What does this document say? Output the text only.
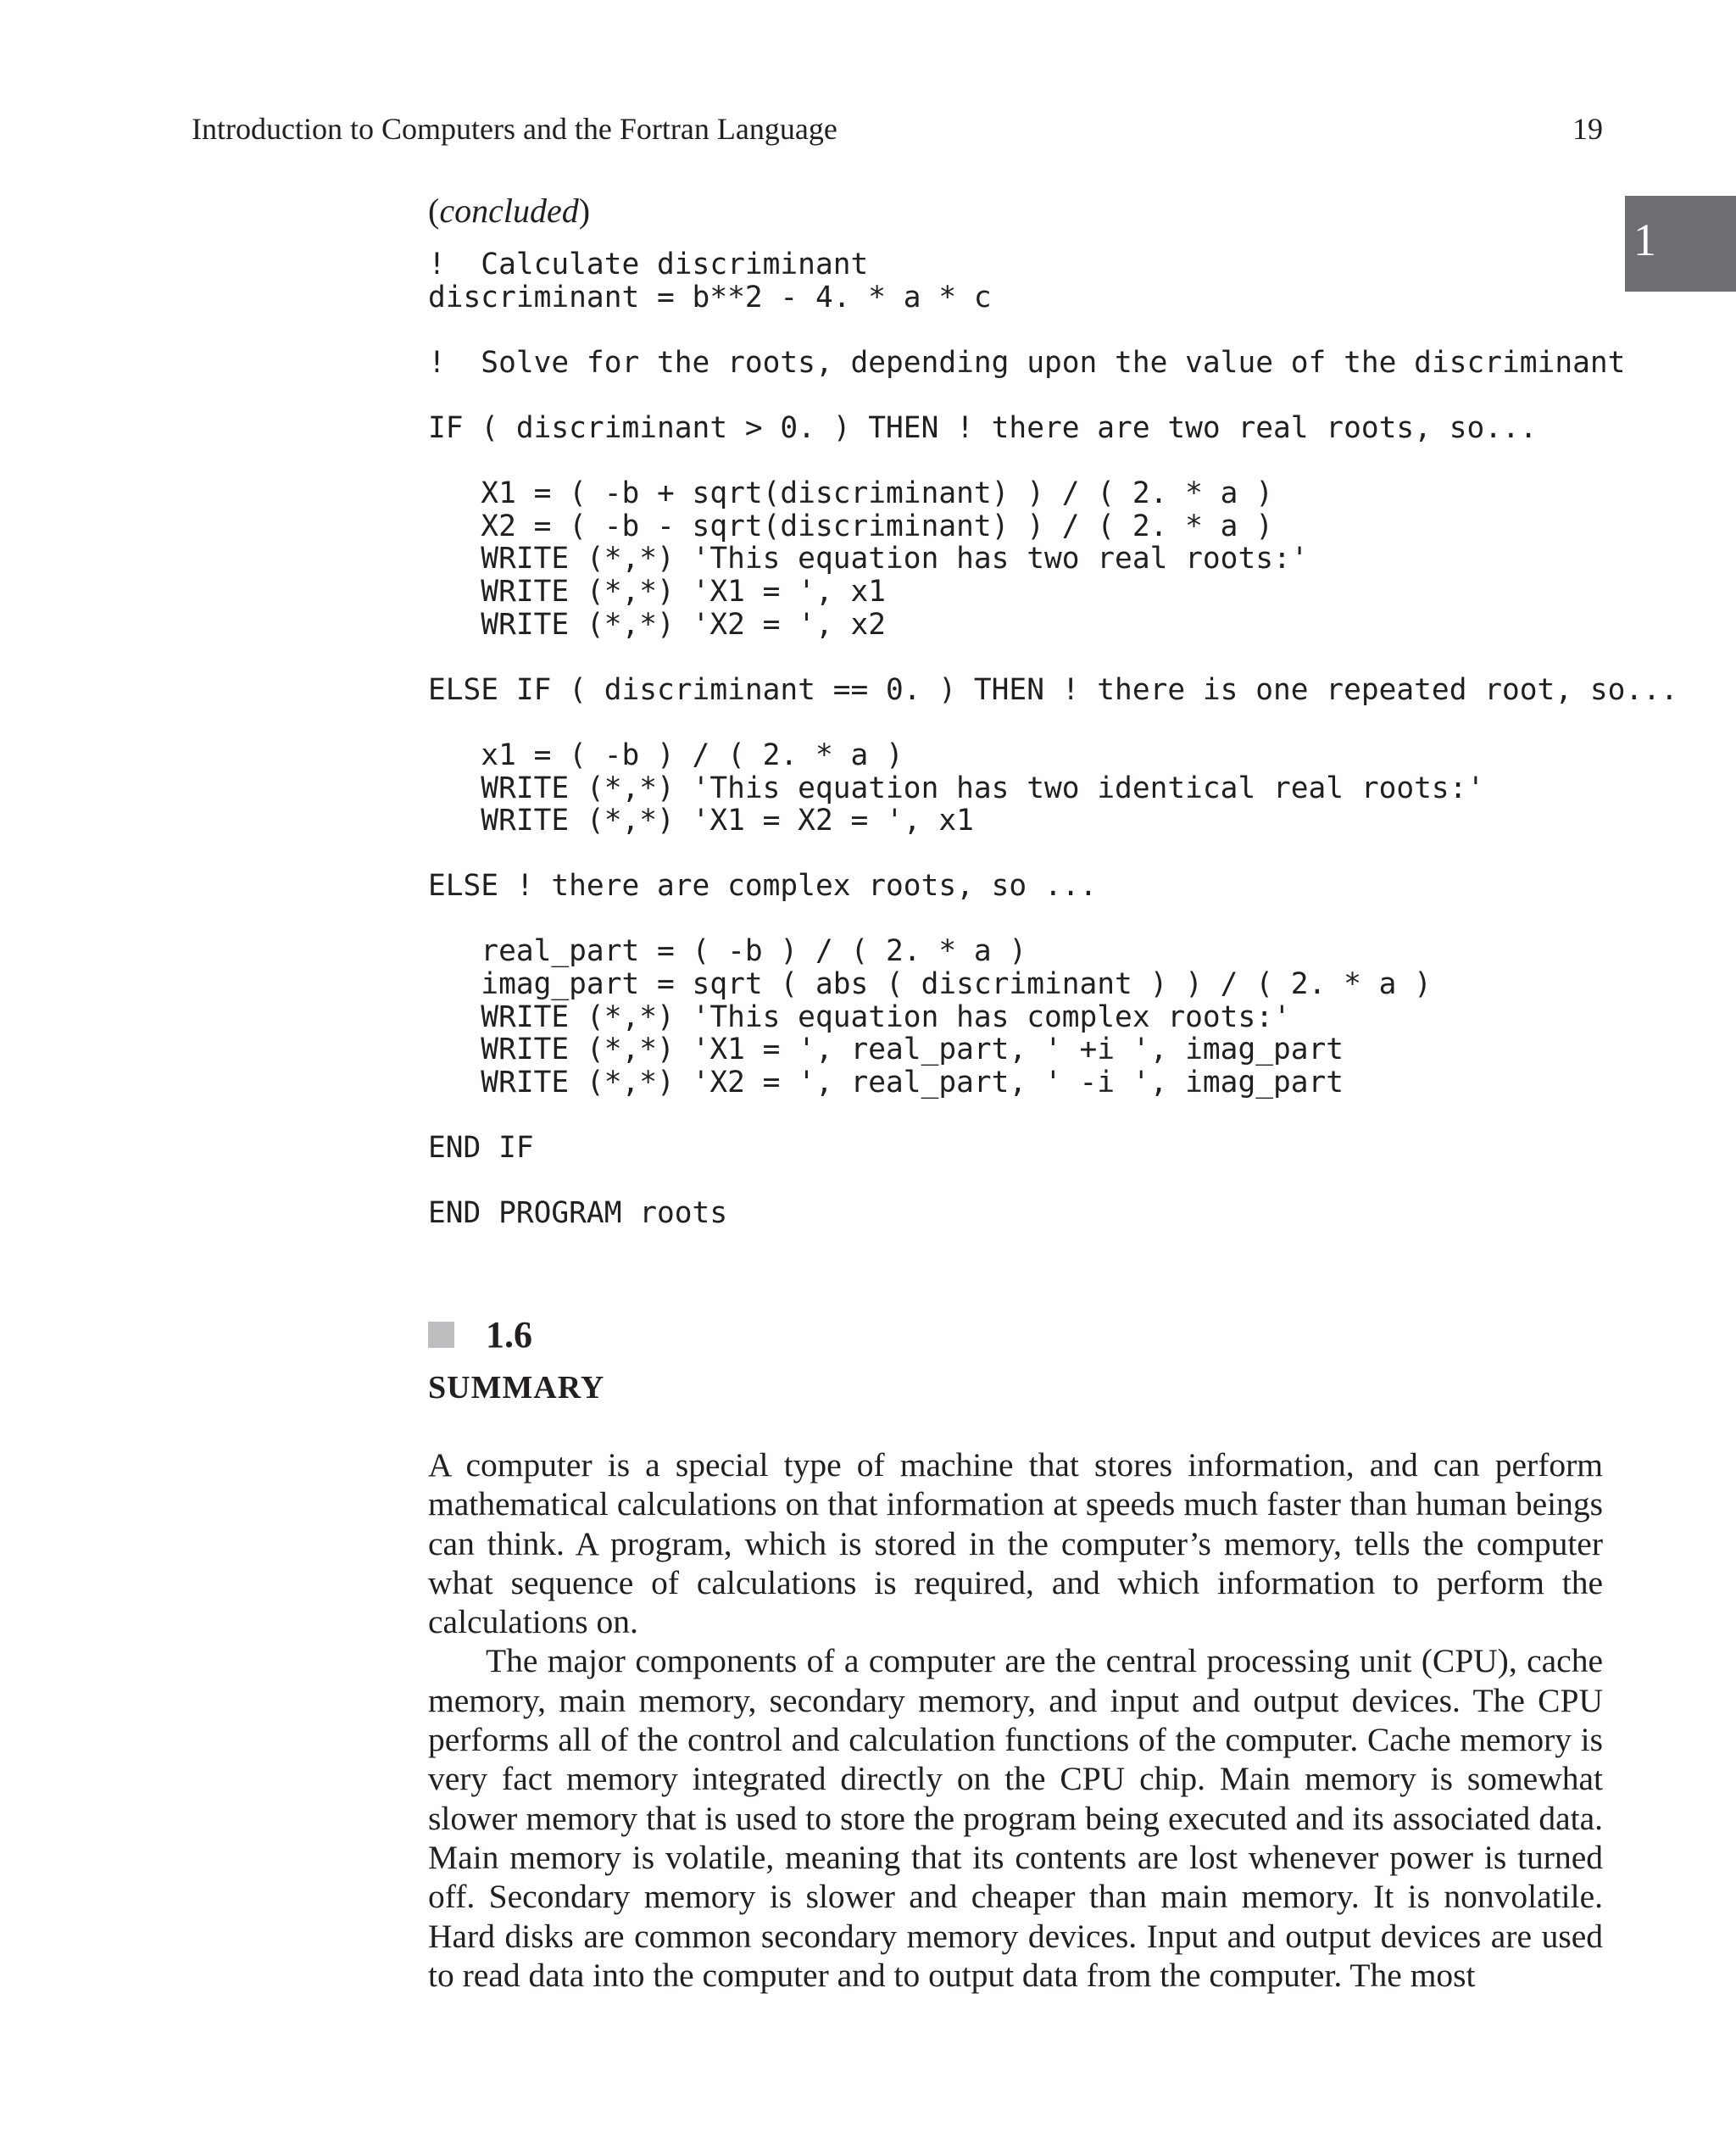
Introduction to Computers and the Fortran Language	19
1
(concluded)
!  Calculate discriminant
discriminant = b**2 - 4. * a * c
!  Solve for the roots, depending upon the value of the discriminant
IF ( discriminant > 0. ) THEN ! there are two real roots, so...
X1 = ( -b + sqrt(discriminant) ) / ( 2. * a )
X2 = ( -b - sqrt(discriminant) ) / ( 2. * a )
WRITE (*,*) 'This equation has two real roots:'
WRITE (*,*) 'X1 = ', x1
WRITE (*,*) 'X2 = ', x2
ELSE IF ( discriminant == 0. ) THEN ! there is one repeated root, so...
x1 = ( -b ) / ( 2. * a )
WRITE (*,*) 'This equation has two identical real roots:'
WRITE (*,*) 'X1 = X2 = ', x1
ELSE ! there are complex roots, so ...
real_part = ( -b ) / ( 2. * a )
imag_part = sqrt ( abs ( discriminant ) ) / ( 2. * a )
WRITE (*,*) 'This equation has complex roots:'
WRITE (*,*) 'X1 = ', real_part, ' +i ', imag_part
WRITE (*,*) 'X2 = ', real_part, ' -i ', imag_part
END IF
END PROGRAM roots
1.6
SUMMARY

A computer is a special type of machine that stores information, and can perform mathematical calculations on that information at speeds much faster than human beings can think. A program, which is stored in the computer’s memory, tells the computer what sequence of calculations is required, and which information to perform the calculations on.

The major components of a computer are the central processing unit (CPU), cache memory, main memory, secondary memory, and input and output devices. The CPU performs all of the control and calculation functions of the computer. Cache memory is very fact memory integrated directly on the CPU chip. Main memory is somewhat slower memory that is used to store the program being executed and its associated data. Main memory is volatile, meaning that its contents are lost whenever power is turned off. Secondary memory is slower and cheaper than main memory. It is nonvolatile. Hard disks are common secondary memory devices. Input and output devices are used to read data into the computer and to output data from the computer. The most
